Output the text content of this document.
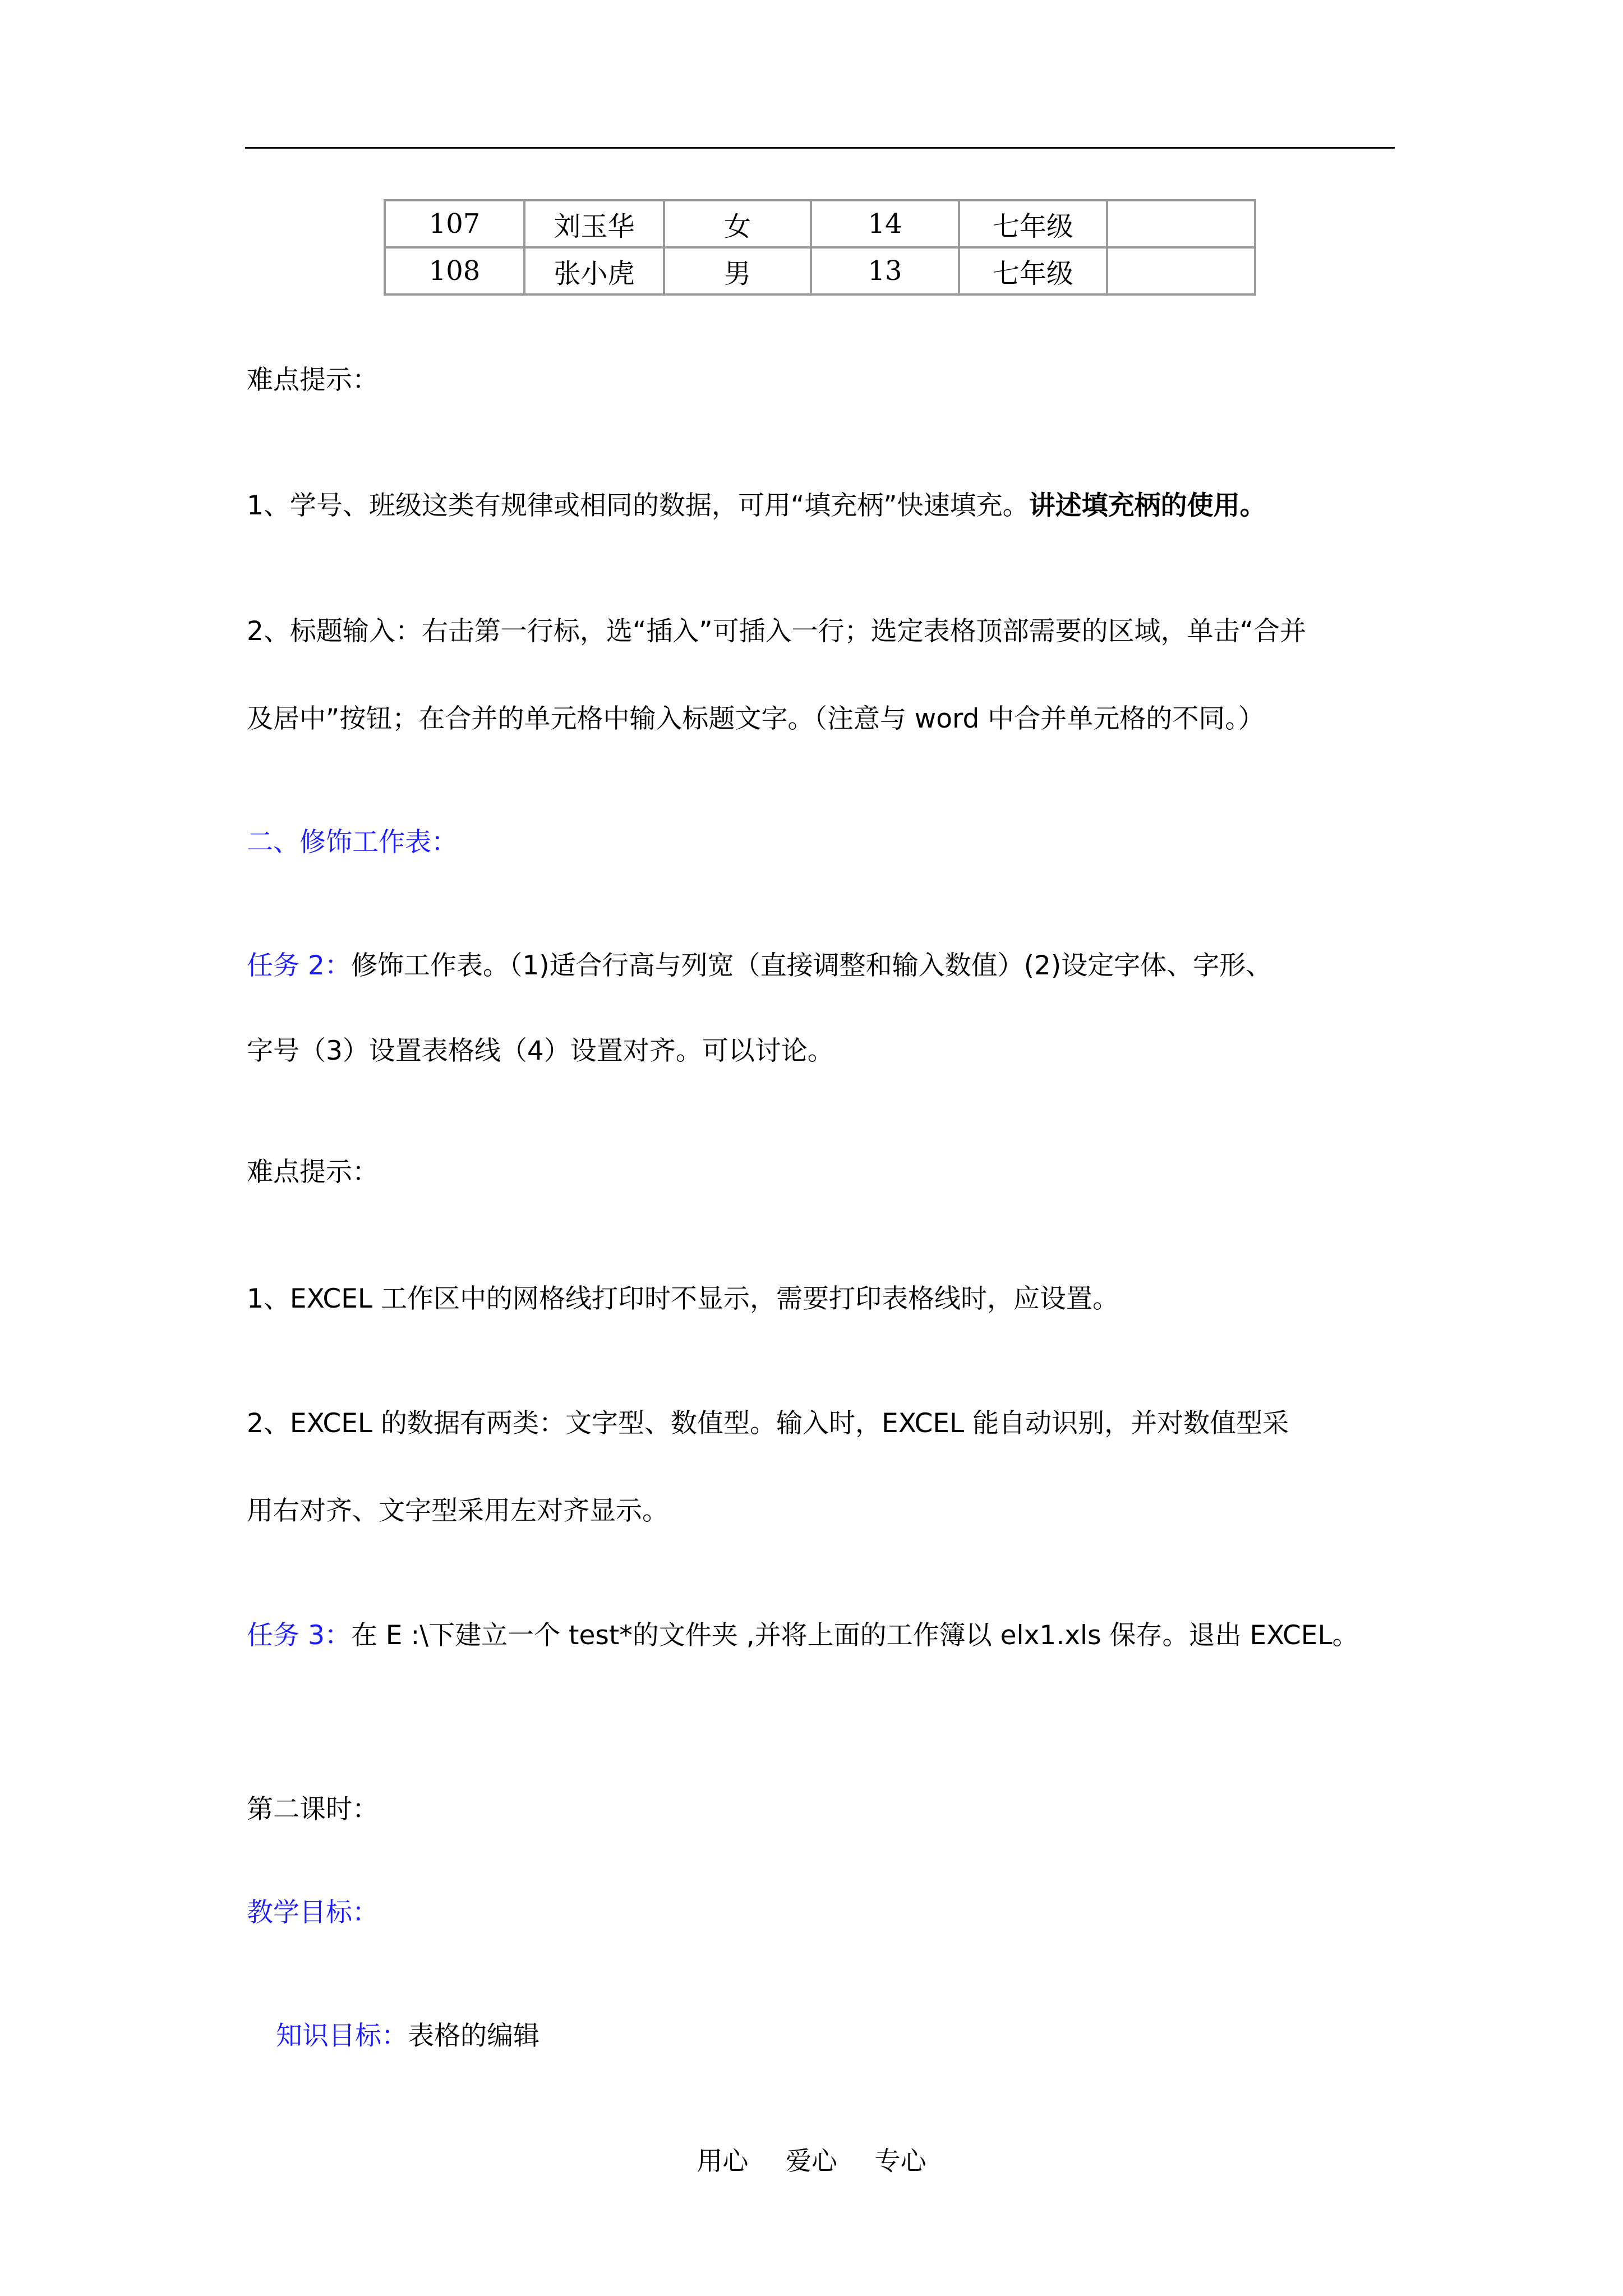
107	刘玉华	女	14	七年级	
108	张小虎	男	13	七年级	
难点提示：
1、学号、班级这类有规律或相同的数据，可用“填充柄”快速填充。讲述填充柄的使用。
2、标题输入：右击第一行标，选“插入”可插入一行；选定表格顶部需要的区域，单击“合并
及居中”按钮；在合并的单元格中输入标题文字。（注意与 word 中合并单元格的不同。）
二、修饰工作表：
任务 2：修饰工作表。（1)适合行高与列宽（直接调整和输入数值）(2)设定字体、字形、
字号（3）设置表格线（4）设置对齐。可以讨论。
难点提示：
1、EXCEL 工作区中的网格线打印时不显示，需要打印表格线时，应设置。
2、EXCEL 的数据有两类：文字型、数值型。输入时，EXCEL 能自动识别，并对数值型采
用右对齐、文字型采用左对齐显示。
任务 3：在 E :\下建立一个 test*的文件夹 ,并将上面的工作簿以 elx1.xls 保存。退出 EXCEL。
第二课时：
教学目标：
知识目标：表格的编辑
用心 爱心 专心
